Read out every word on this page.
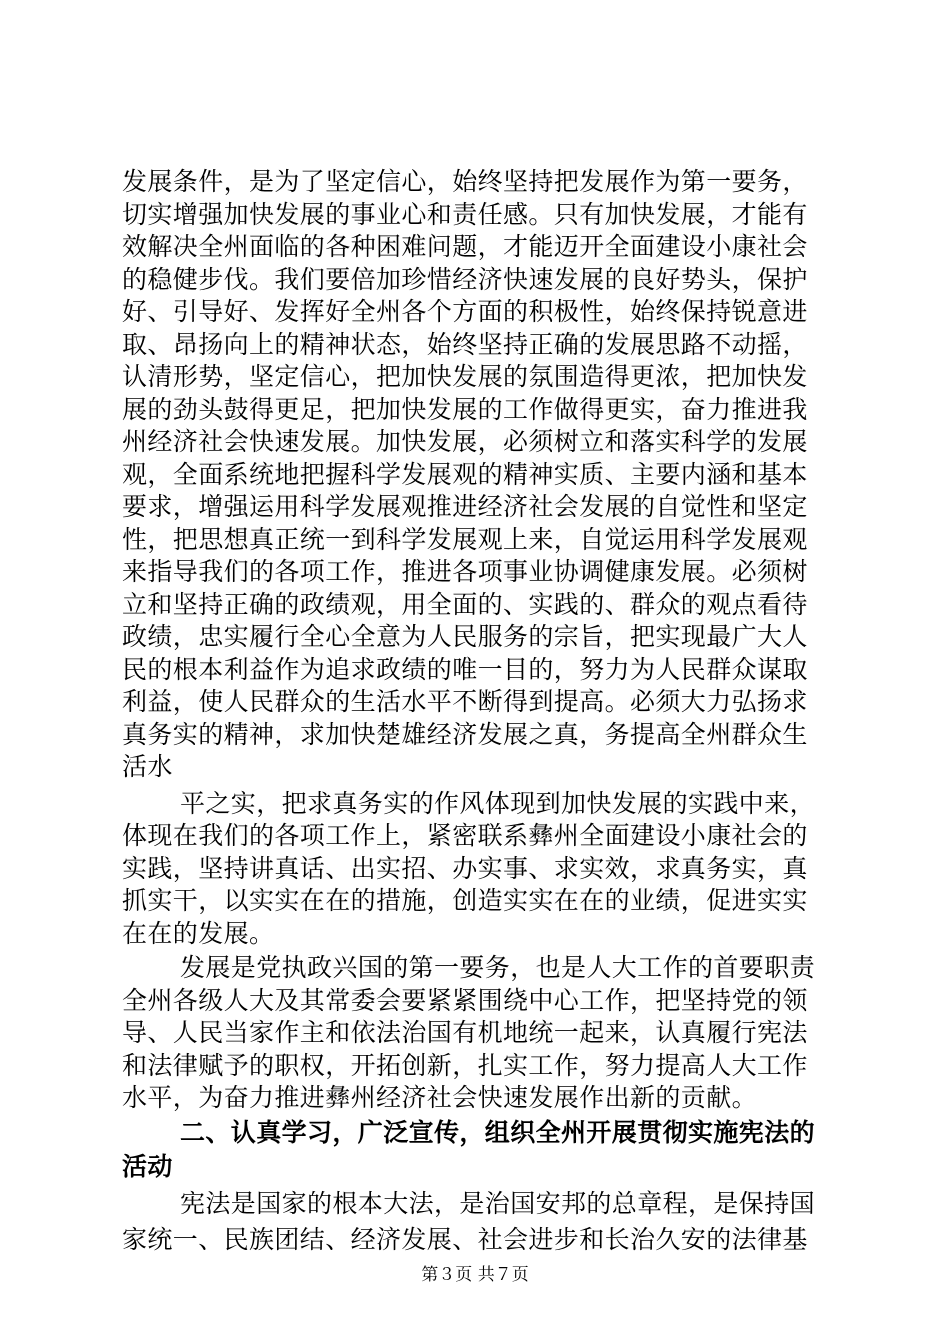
发展条件，是为了坚定信心，始终坚持把发展作为第一要务，
切实增强加快发展的事业心和责任感。只有加快发展，才能有
效解决全州面临的各种困难问题，才能迈开全面建设小康社会
的稳健步伐。我们要倍加珍惜经济快速发展的良好势头，保护
好、引导好、发挥好全州各个方面的积极性，始终保持锐意进
取、昂扬向上的精神状态，始终坚持正确的发展思路不动摇，
认清形势，坚定信心，把加快发展的氛围造得更浓，把加快发
展的劲头鼓得更足，把加快发展的工作做得更实，奋力推进我
州经济社会快速发展。加快发展，必须树立和落实科学的发展
观，全面系统地把握科学发展观的精神实质、主要内涵和基本
要求，增强运用科学发展观推进经济社会发展的自觉性和坚定
性，把思想真正统一到科学发展观上来，自觉运用科学发展观
来指导我们的各项工作，推进各项事业协调健康发展。必须树
立和坚持正确的政绩观，用全面的、实践的、群众的观点看待
政绩，忠实履行全心全意为人民服务的宗旨，把实现最广大人
民的根本利益作为追求政绩的唯一目的，努力为人民群众谋取
利益，使人民群众的生活水平不断得到提高。必须大力弘扬求
真务实的精神，求加快楚雄经济发展之真，务提高全州群众生
活水
平之实，把求真务实的作风体现到加快发展的实践中来，
体现在我们的各项工作上，紧密联系彝州全面建设小康社会的
实践，坚持讲真话、出实招、办实事、求实效，求真务实，真
抓实干，以实实在在的措施，创造实实在在的业绩，促进实实
在在的发展。
发展是党执政兴国的第一要务，也是人大工作的首要职责
全州各级人大及其常委会要紧紧围绕中心工作，把坚持党的领
导、人民当家作主和依法治国有机地统一起来，认真履行宪法
和法律赋予的职权，开拓创新，扎实工作，努力提高人大工作
水平，为奋力推进彝州经济社会快速发展作出新的贡献。
二、认真学习，广泛宣传，组织全州开展贯彻实施宪法的
活动
宪法是国家的根本大法，是治国安邦的总章程，是保持国
家统一、民族团结、经济发展、社会进步和长治久安的法律基
第３页 共７页
